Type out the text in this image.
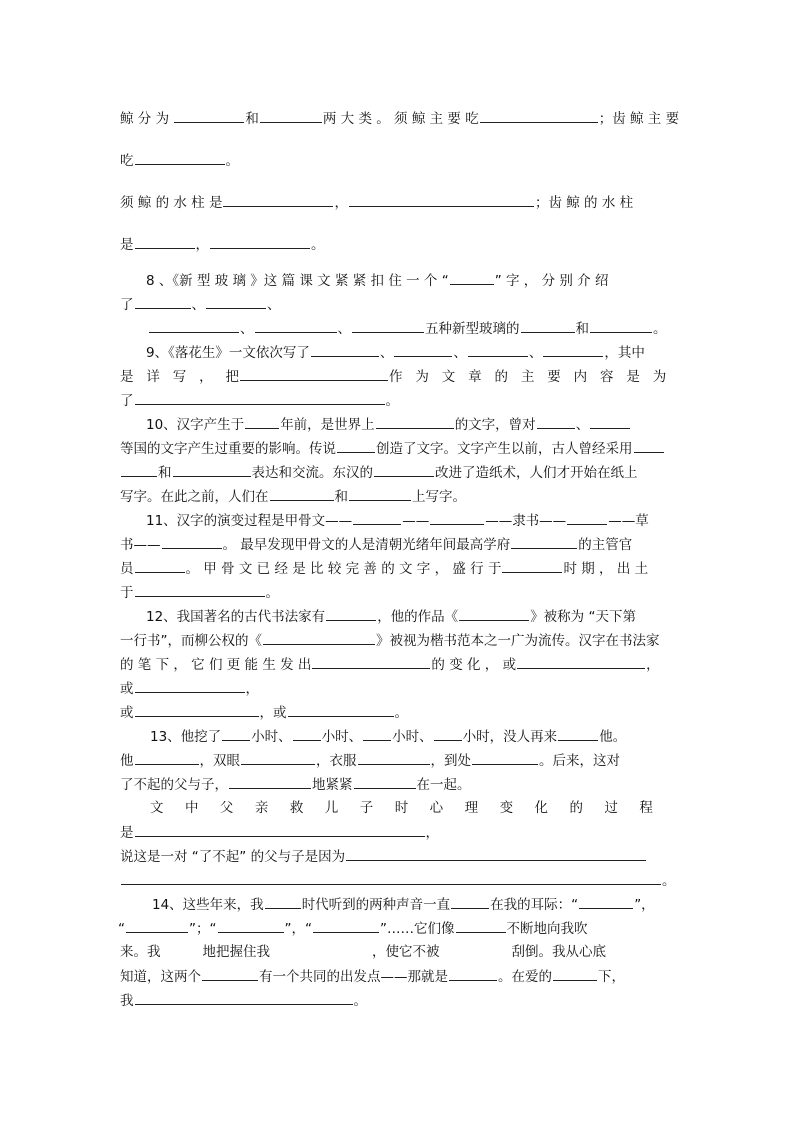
鲸 分 为	和	两 大 类 。 须 鲸 主 要 吃	；齿 鲸 主 要
吃	。
须 鲸 的 水 柱 是	，	；齿 鲸 的 水 柱
是	，	。
8 、《新 型 玻 璃 》这 篇 课 文 紧 紧 扣 住 一 个 “	” 字 ， 分 别 介 绍
了	、	、
、	、	五种新型玻璃的	和	。
9、《落花生》一文依次写了	、	、	、	，其中
是   详   写   ，   把	作   为   文   章   的   主   要   内   容   是   为
了	。
10、汉字产生于	年前，是世界上	的文字，曾对	、
等国的文字产生过重要的影响。传说	创造了文字。文字产生以前，古人曾经采用
和	表达和交流。东汉的	改进了造纸术，人们才开始在纸上
写字。在此之前，人们在	和	上写字。
11、汉字的演变过程是甲骨文——	——	——隶书——	——草
书——	。 最早发现甲骨文的人是清朝光绪年间最高学府	的主管官
员	。 甲 骨 文 已 经 是 比 较 完 善 的 文 字 ， 盛 行 于	时 期 ， 出 土
于	。
12、我国著名的古代书法家有	，他的作品《	》被称为 “天下第
一行书”，而柳公权的《	》被视为楷书范本之一广为流传。汉字在书法家
的 笔 下 ， 它 们 更 能 生 发 出	的 变 化 ， 或	，
或	，
或	，或	。
13、他挖了 小时、 小时、 小时、 小时，没人再来	他。
他	，双眼	，衣服	，到处	。后来，这对
了不起的父与子，	地紧紧	在一起。
文     中     父     亲     救     儿     子     时     心     理     变     化     的     过     程
是	，
说这是一对 “了不起” 的父与子是因为
。
14、这些年来，我	时代听到的两种声音一直	在我的耳际：“	”，
“	”；“	”，“	”……它们像	不断地向我吹
来。我	地把握住我	，使它不被	刮倒。我从心底
知道，这两个	有一个共同的出发点——那就是	。在爱的	下，
我	。
